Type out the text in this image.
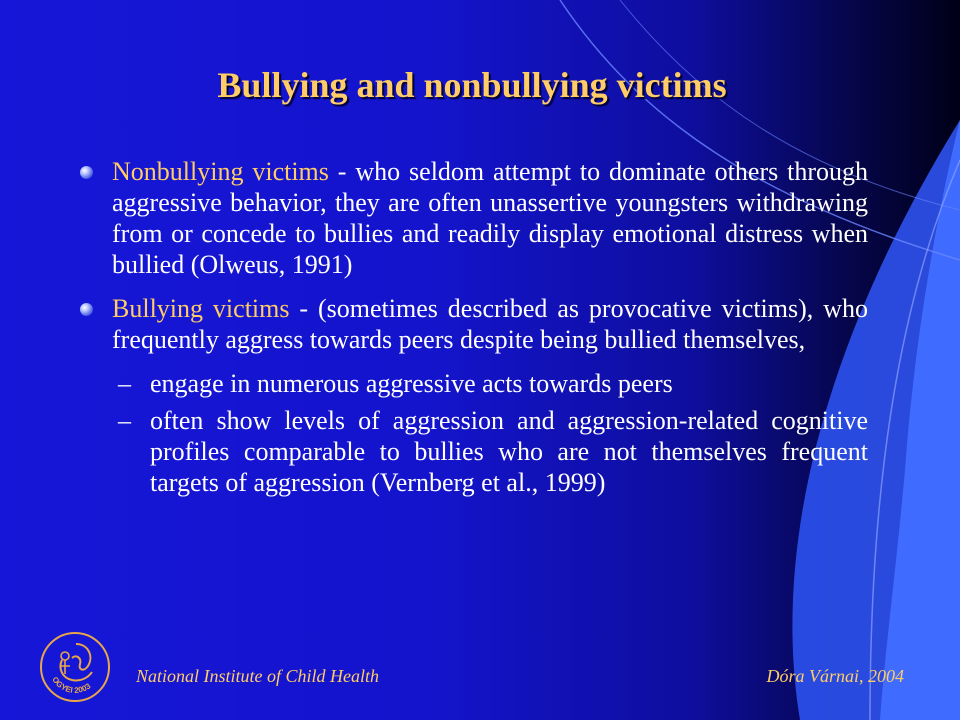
Bullying and nonbullying victims
Nonbullying victims - who seldom attempt to dominate others through aggressive behavior, they are often unassertive youngsters withdrawing from or concede to bullies and readily display emotional distress when bullied (Olweus, 1991)
Bullying victims - (sometimes described as provocative victims), who frequently aggress towards peers despite being bullied themselves,
– engage in numerous aggressive acts towards peers
– often show levels of aggression and aggression-related cognitive profiles comparable to bullies who are not themselves frequent targets of aggression (Vernberg et al., 1999)
OGYEI 2003
National Institute of Child Health	Dóra Várnai, 2004
